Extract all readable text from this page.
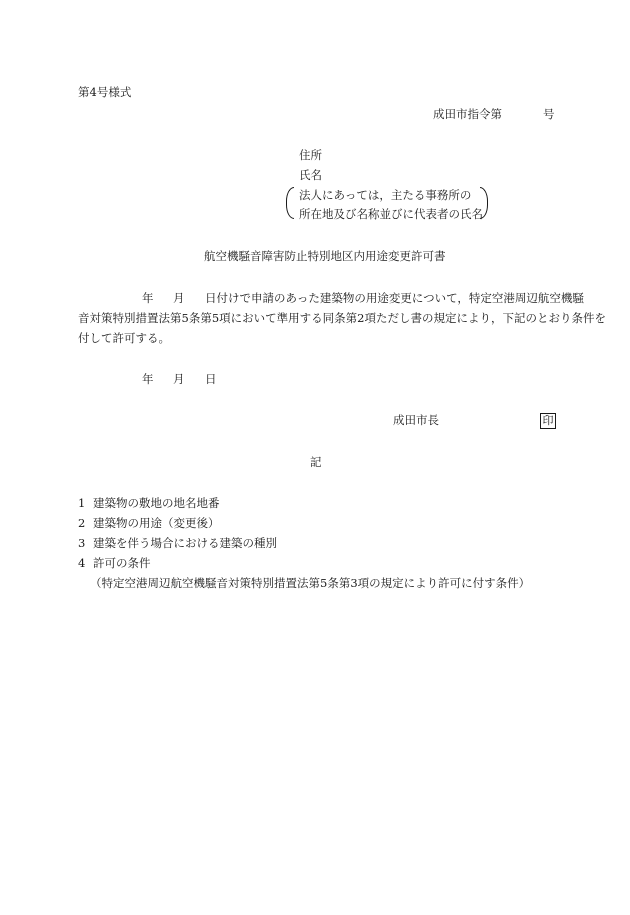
第4号様式
成田市指令第	号
住所
氏名
法人にあっては，主たる事務所の
所在地及び名称並びに代表者の氏名
航空機騒音障害防止特別地区内用途変更許可書
年 月 日付けで申請のあった建築物の用途変更について，特定空港周辺航空機騒
音対策特別措置法第5条第5項において準用する同条第2項ただし書の規定により，下記のとおり条件を
付して許可する。
年 月 日
成田市長	印
記
1 建築物の敷地の地名地番
2 建築物の用途（変更後）
3 建築を伴う場合における建築の種別
4 許可の条件
（特定空港周辺航空機騒音対策特別措置法第5条第3項の規定により許可に付す条件）
